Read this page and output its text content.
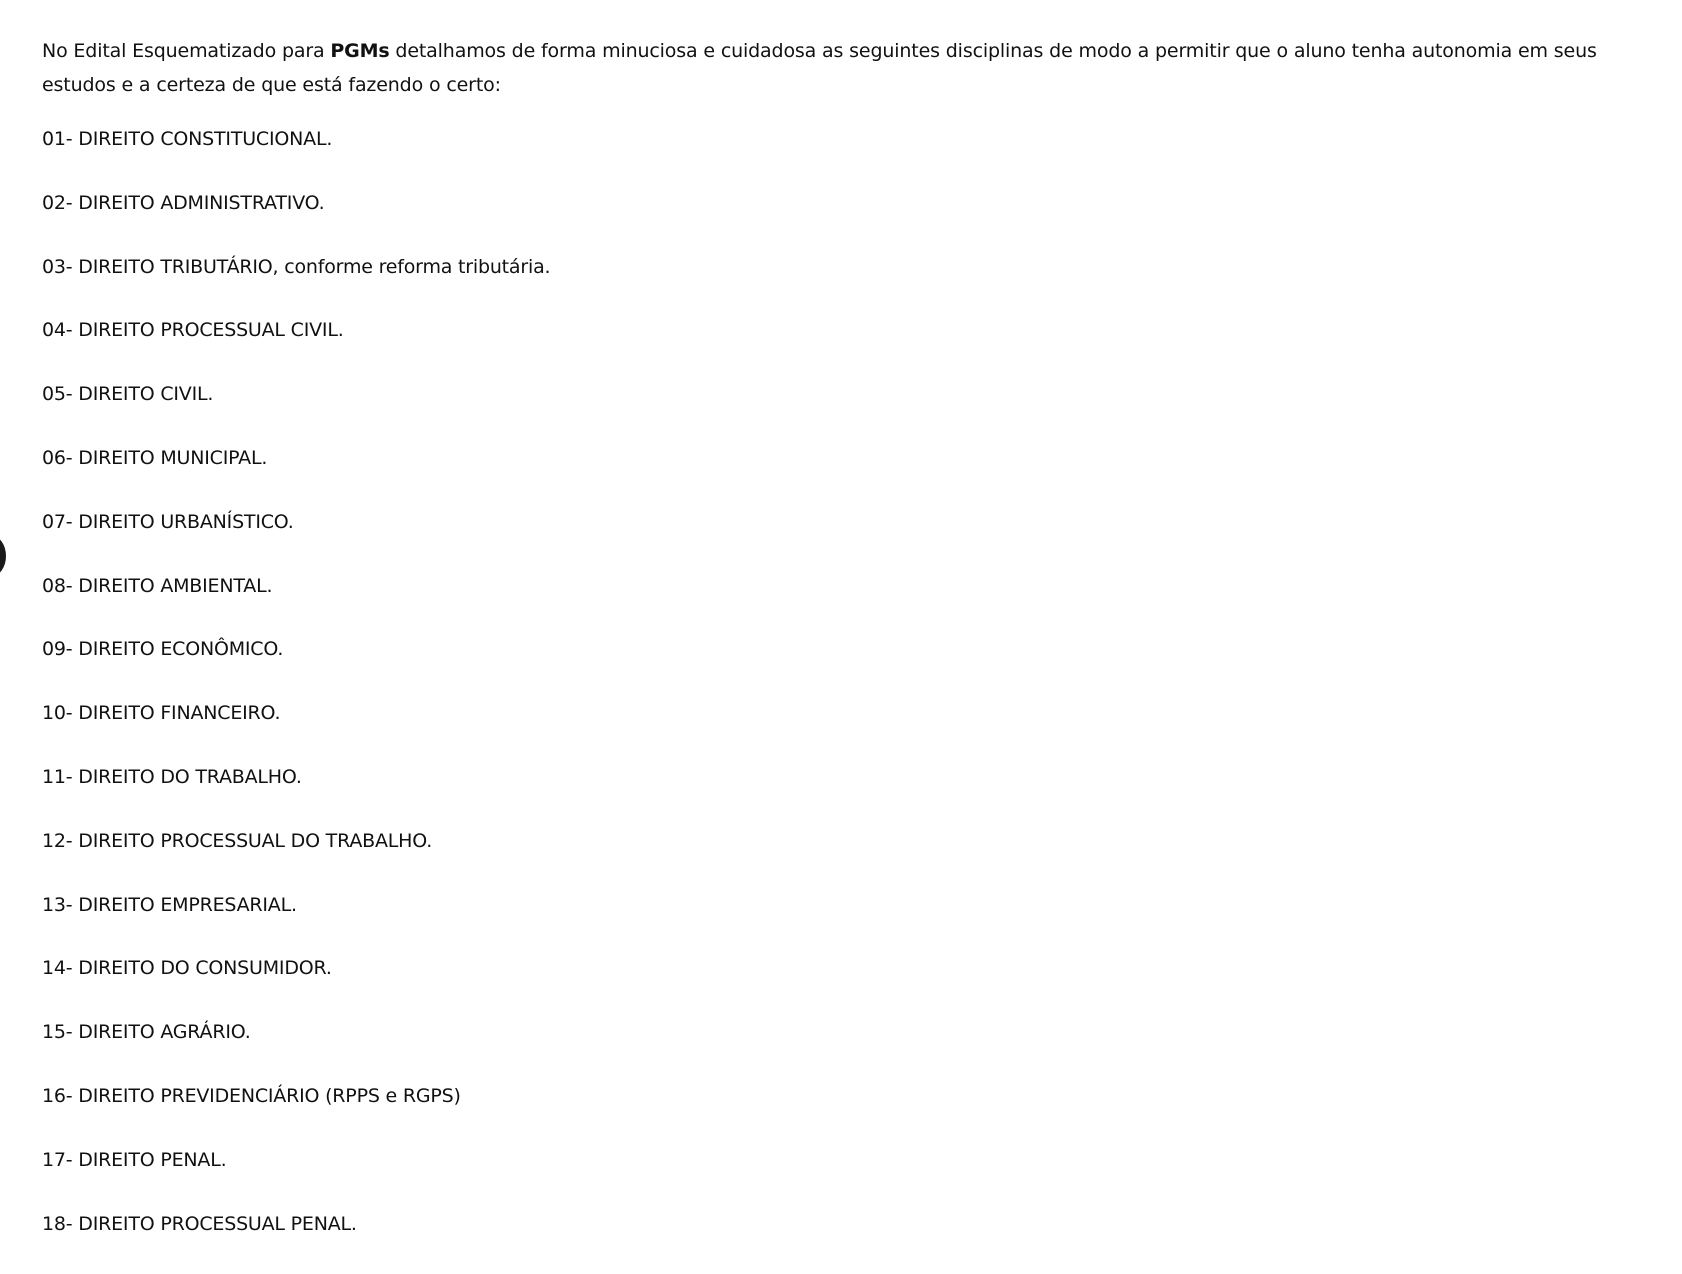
No Edital Esquematizado para PGMs detalhamos de forma minuciosa e cuidadosa as seguintes disciplinas de modo a permitir que o aluno tenha autonomia em seus estudos e a certeza de que está fazendo o certo:

01- DIREITO CONSTITUCIONAL.
02- DIREITO ADMINISTRATIVO.
03- DIREITO TRIBUTÁRIO, conforme reforma tributária.
04- DIREITO PROCESSUAL CIVIL.
05- DIREITO CIVIL.
06- DIREITO MUNICIPAL.
07- DIREITO URBANÍSTICO.
08- DIREITO AMBIENTAL.
09- DIREITO ECONÔMICO.
10- DIREITO FINANCEIRO.
11- DIREITO DO TRABALHO.
12- DIREITO PROCESSUAL DO TRABALHO.
13- DIREITO EMPRESARIAL.
14- DIREITO DO CONSUMIDOR.
15- DIREITO AGRÁRIO.
16- DIREITO PREVIDENCIÁRIO (RPPS e RGPS)
17- DIREITO PENAL.
18- DIREITO PROCESSUAL PENAL.
